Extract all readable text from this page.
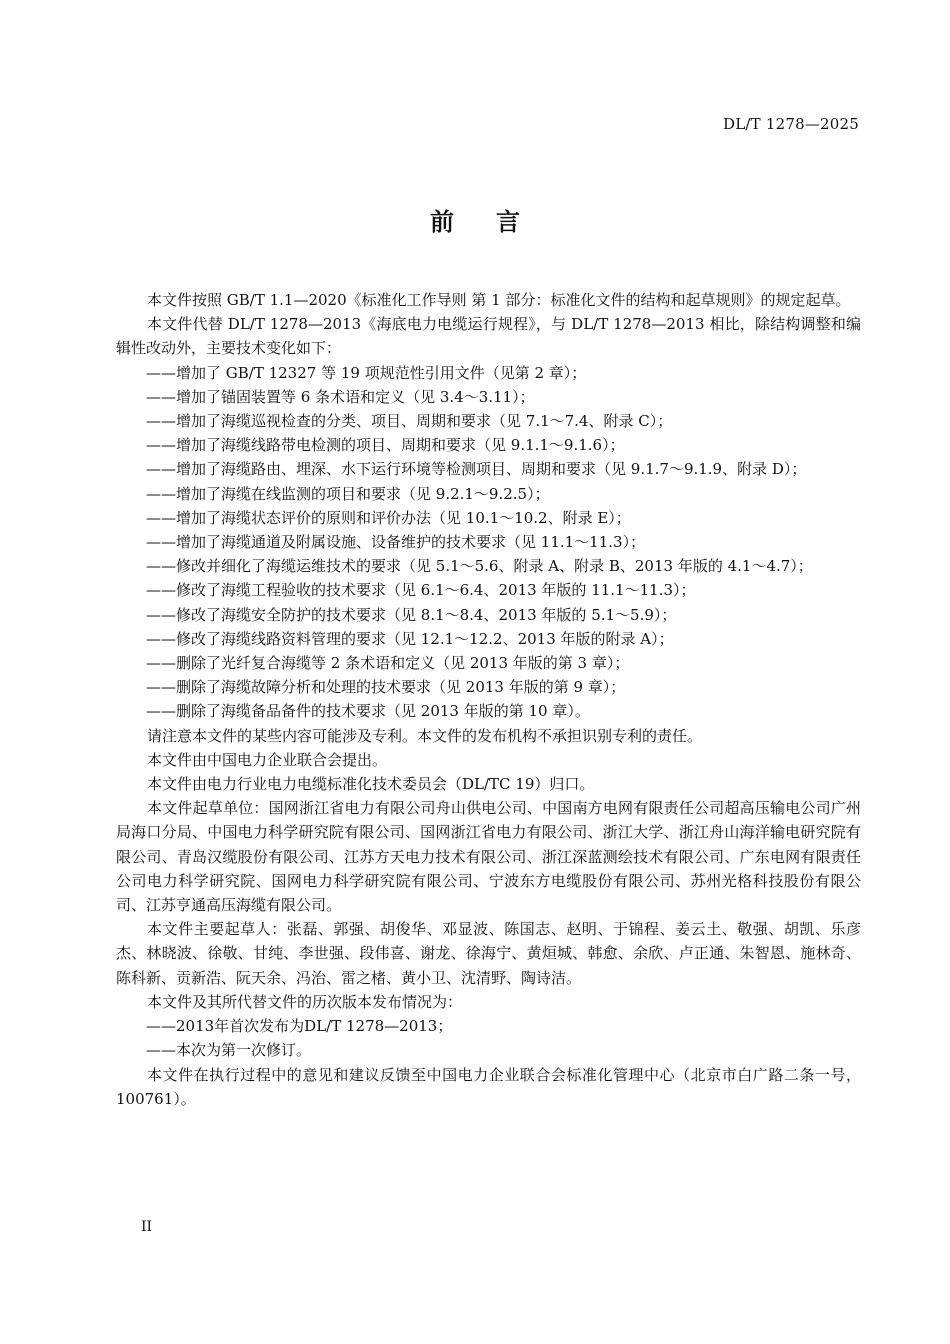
DL/T 1278—2025
前言

本文件按照 GB/T 1.1—2020《标准化工作导则 第 1 部分：标准化文件的结构和起草规则》的规定起草。

本文件代替 DL/T 1278—2013《海底电力电缆运行规程》，与 DL/T 1278—2013 相比，除结构调整和编辑性改动外，主要技术变化如下：

——增加了 GB/T 12327 等 19 项规范性引用文件（见第 2 章）；

——增加了锚固装置等 6 条术语和定义（见 3.4～3.11）；

——增加了海缆巡视检查的分类、项目、周期和要求（见 7.1～7.4、附录 C）；

——增加了海缆线路带电检测的项目、周期和要求（见 9.1.1～9.1.6）；

——增加了海缆路由、埋深、水下运行环境等检测项目、周期和要求（见 9.1.7～9.1.9、附录 D）；

——增加了海缆在线监测的项目和要求（见 9.2.1～9.2.5）；

——增加了海缆状态评价的原则和评价办法（见 10.1～10.2、附录 E）；

——增加了海缆通道及附属设施、设备维护的技术要求（见 11.1～11.3）；

——修改并细化了海缆运维技术的要求（见 5.1～5.6、附录 A、附录 B、2013 年版的 4.1～4.7）；

——修改了海缆工程验收的技术要求（见 6.1～6.4、2013 年版的 11.1～11.3）；

——修改了海缆安全防护的技术要求（见 8.1～8.4、2013 年版的 5.1～5.9）；

——修改了海缆线路资料管理的要求（见 12.1～12.2、2013 年版的附录 A）；

——删除了光纤复合海缆等 2 条术语和定义（见 2013 年版的第 3 章）；

——删除了海缆故障分析和处理的技术要求（见 2013 年版的第 9 章）；

——删除了海缆备品备件的技术要求（见 2013 年版的第 10 章）。

请注意本文件的某些内容可能涉及专利。本文件的发布机构不承担识别专利的责任。

本文件由中国电力企业联合会提出。

本文件由电力行业电力电缆标准化技术委员会（DL/TC 19）归口。

本文件起草单位：国网浙江省电力有限公司舟山供电公司、中国南方电网有限责任公司超高压输电公司广州局海口分局、中国电力科学研究院有限公司、国网浙江省电力有限公司、浙江大学、浙江舟山海洋输电研究院有限公司、青岛汉缆股份有限公司、江苏方天电力技术有限公司、浙江深蓝测绘技术有限公司、广东电网有限责任公司电力科学研究院、国网电力科学研究院有限公司、宁波东方电缆股份有限公司、苏州光格科技股份有限公司、江苏亨通高压海缆有限公司。

本文件主要起草人：张磊、郭强、胡俊华、邓显波、陈国志、赵明、于锦程、姜云土、敬强、胡凯、乐彦杰、林晓波、徐敬、甘纯、李世强、段伟喜、谢龙、徐海宁、黄烜城、韩愈、余欣、卢正通、朱智恩、施林奇、陈科新、贡新浩、阮天余、冯治、雷之楮、黄小卫、沈清野、陶诗洁。

本文件及其所代替文件的历次版本发布情况为：

——2013年首次发布为DL/T 1278—2013；

——本次为第一次修订。

本文件在执行过程中的意见和建议反馈至中国电力企业联合会标准化管理中心（北京市白广路二条一号，100761）。

II
